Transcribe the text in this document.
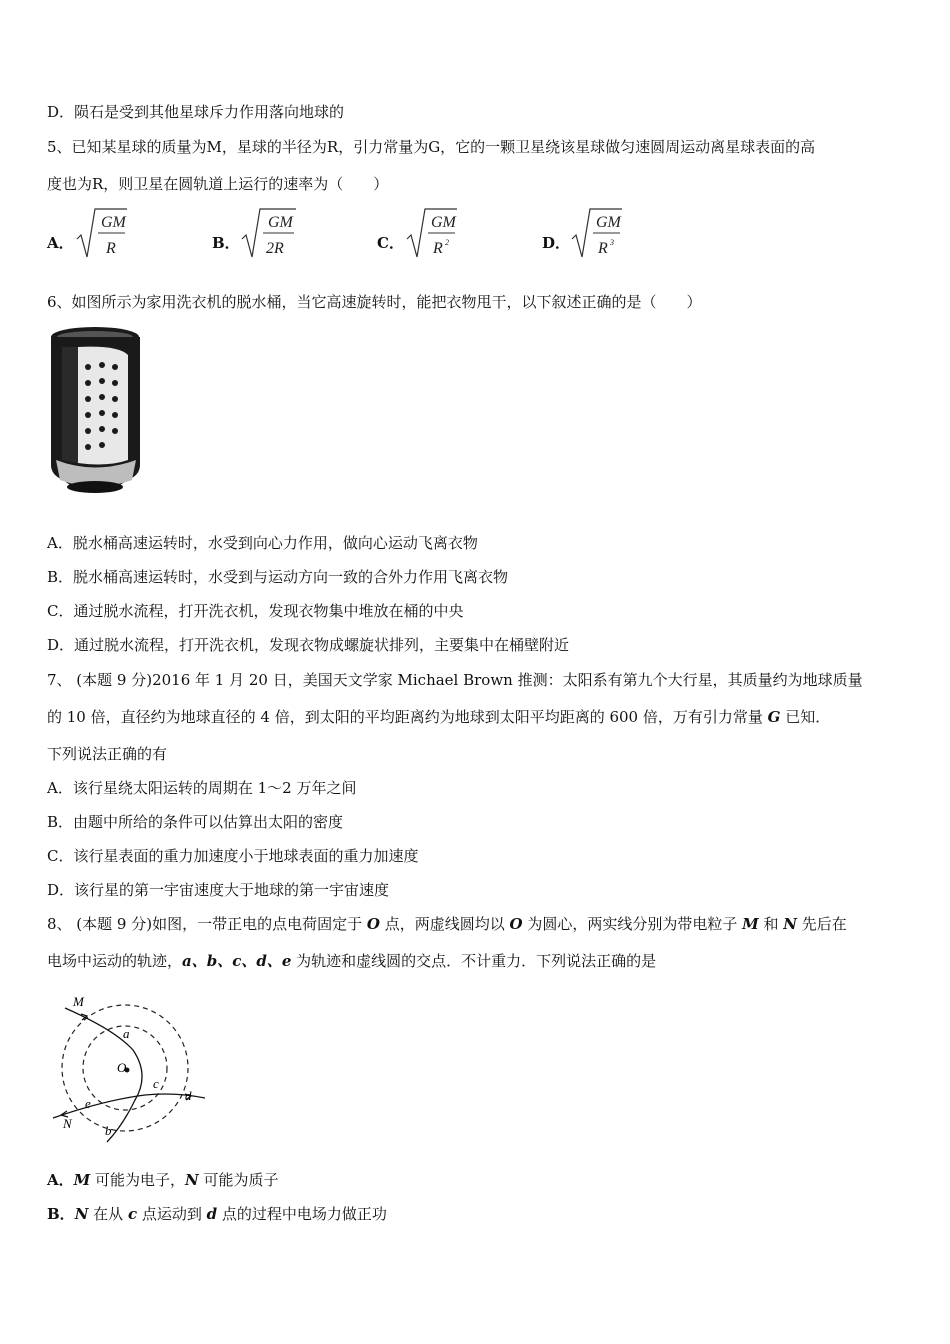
D．陨石是受到其他星球斥力作用落向地球的
5、已知某星球的质量为M，星球的半径为R，引力常量为G，它的一颗卫星绕该星球做匀速圆周运动离星球表面的高
度也为R，则卫星在圆轨道上运行的速率为（　　）
A．
GM
R	B．
GM
2R	C．
GM
R 2	D．
GM
R 3
6、如图所示为家用洗衣机的脱水桶，当它高速旋转时，能把衣物甩干，以下叙述正确的是（　　）
A．脱水桶高速运转时，水受到向心力作用，做向心运动飞离衣物
B．脱水桶高速运转时，水受到与运动方向一致的合外力作用飞离衣物
C．通过脱水流程，打开洗衣机，发现衣物集中堆放在桶的中央
D．通过脱水流程，打开洗衣机，发现衣物成螺旋状排列，主要集中在桶壁附近
7、 (本题 9 分)2016 年 1 月 20 日，美国天文学家 Michael Brown 推测：太阳系有第九个大行星，其质量约为地球质量
的 10 倍，直径约为地球直径的 4 倍，到太阳的平均距离约为地球到太阳平均距离的 600 倍，万有引力常量 G 已知．
下列说法正确的有
A．该行星绕太阳运转的周期在 1～2 万年之间
B．由题中所给的条件可以估算出太阳的密度
C．该行星表面的重力加速度小于地球表面的重力加速度
D．该行星的第一宇宙速度大于地球的第一宇宙速度
8、 (本题 9 分)如图，一带正电的点电荷固定于 O 点，两虚线圆均以 O 为圆心，两实线分别为带电粒子 M 和 N 先后在
电场中运动的轨迹，a、b、c、d、e 为轨迹和虚线圆的交点．不计重力．下列说法正确的是
M
N
O
a
b
c
d
e
A．M 可能为电子，N 可能为质子
B．N 在从 c 点运动到 d 点的过程中电场力做正功
